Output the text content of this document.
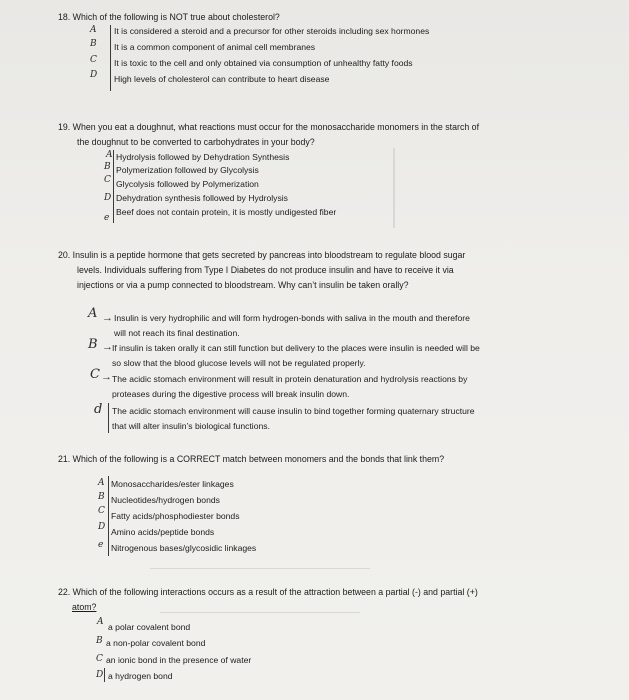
18. Which of the following is NOT true about cholesterol?
A
B
C
D
It is considered a steroid and a precursor for other steroids including sex hormones
It is a common component of animal cell membranes
It is toxic to the cell and only obtained via consumption of unhealthy fatty foods
High levels of cholesterol can contribute to heart disease
19. When you eat a doughnut, what reactions must occur for the monosaccharide monomers in the starch of
the doughnut to be converted to carbohydrates in your body?
A
B
C
D
e
Hydrolysis followed by Dehydration Synthesis
Polymerization followed by Glycolysis
Glycolysis followed by Polymerization
Dehydration synthesis followed by Hydrolysis
Beef does not contain protein, it is mostly undigested fiber
20. Insulin is a peptide hormone that gets secreted by pancreas into bloodstream to regulate blood sugar
levels. Individuals suffering from Type I Diabetes do not produce insulin and have to receive it via
injections or via a pump connected to bloodstream. Why can’t insulin be taken orally?
A → Insulin is very hydrophilic and will form hydrogen-bonds with saliva in the mouth and therefore
will not reach its final destination.
B → If insulin is taken orally it can still function but delivery to the places were insulin is needed will be
so slow that the blood glucose levels will not be regulated properly.
C → The acidic stomach environment will result in protein denaturation and hydrolysis reactions by
proteases during the digestive process will break insulin down.
d The acidic stomach environment will cause insulin to bind together forming quaternary structure
that will alter insulin’s biological functions.
21. Which of the following is a CORRECT match between monomers and the bonds that link them?
A
B
C
D
e
Monosaccharides/ester linkages
Nucleotides/hydrogen bonds
Fatty acids/phosphodiester bonds
Amino acids/peptide bonds
Nitrogenous bases/glycosidic linkages
22. Which of the following interactions occurs as a result of the attraction between a partial (-) and partial (+)
atom?
A
B
C
D
a polar covalent bond
a non-polar covalent bond
an ionic bond in the presence of water
a hydrogen bond
